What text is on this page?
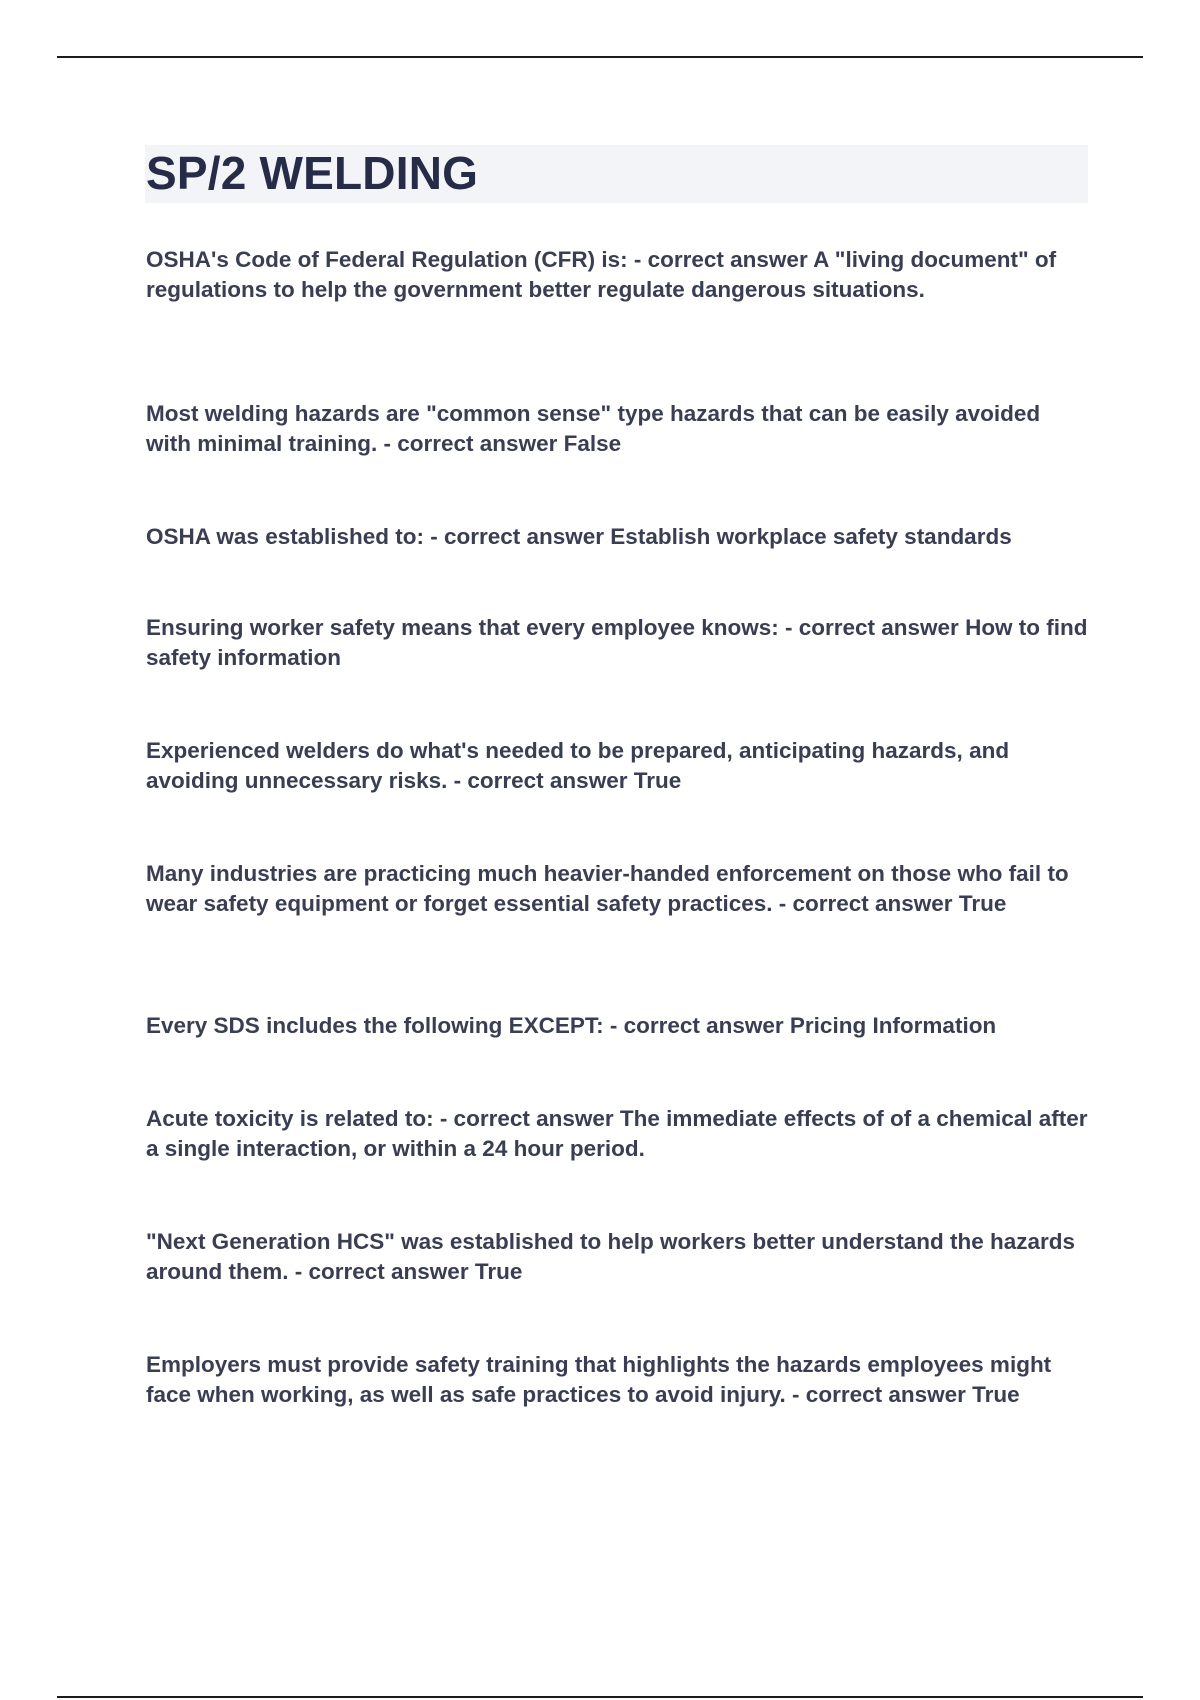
SP/2 WELDING
OSHA's Code of Federal Regulation (CFR) is: - correct answer A "living document" of regulations to help the government better regulate dangerous situations.
Most welding hazards are "common sense" type hazards that can be easily avoided with minimal training. - correct answer False
OSHA was established to: - correct answer Establish workplace safety standards
Ensuring worker safety means that every employee knows: - correct answer How to find safety information
Experienced welders do what's needed to be prepared, anticipating hazards, and avoiding unnecessary risks. - correct answer True
Many industries are practicing much heavier-handed enforcement on those who fail to wear safety equipment or forget essential safety practices. - correct answer True
Every SDS includes the following EXCEPT: - correct answer Pricing Information
Acute toxicity is related to: - correct answer The immediate effects of of a chemical after a single interaction, or within a 24 hour period.
"Next Generation HCS" was established to help workers better understand the hazards around them. - correct answer True
Employers must provide safety training that highlights the hazards employees might face when working, as well as safe practices to avoid injury. - correct answer True
